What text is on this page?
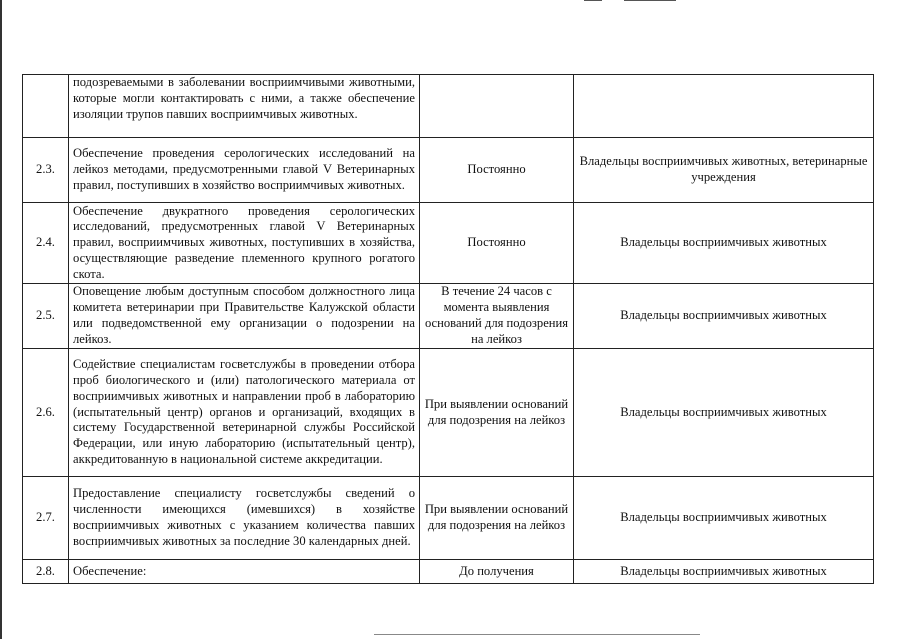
	подозреваемыми в заболевании восприимчивыми животными, которые могли контактировать с ними, а также обеспечение изоляции трупов павших восприимчивых животных.		
2.3.	Обеспечение проведения серологических исследований на лейкоз методами, предусмотренными главой V Ветеринарных правил, поступивших в хозяйство восприимчивых животных.	Постоянно	Владельцы восприимчивых животных, ветеринарные учреждения
2.4.	Обеспечение двукратного проведения серологических исследований, предусмотренных главой V Ветеринарных правил, восприимчивых животных, поступивших в хозяйства, осуществляющие разведение племенного крупного рогатого скота.	Постоянно	Владельцы восприимчивых животных
2.5.	Оповещение любым доступным способом должностного лица комитета ветеринарии при Правительстве Калужской области или подведомственной ему организации о подозрении на лейкоз.	В течение 24 часов с момента выявления оснований для подозрения на лейкоз	Владельцы восприимчивых животных
2.6.	Содействие специалистам госветслужбы в проведении отбора проб биологического и (или) патологического материала от восприимчивых животных и направлении проб в лабораторию (испытательный центр) органов и организаций, входящих в систему Государственной ветеринарной службы Российской Федерации, или иную лабораторию (испытательный центр), аккредитованную в национальной системе аккредитации.	При выявлении оснований для подозрения на лейкоз	Владельцы восприимчивых животных
2.7.	Предоставление специалисту госветслужбы сведений о численности имеющихся (имевшихся) в хозяйстве восприимчивых животных с указанием количества павших восприимчивых животных за последние 30 календарных дней.	При выявлении оснований для подозрения на лейкоз	Владельцы восприимчивых животных
2.8.	Обеспечение:	До получения	Владельцы восприимчивых животных
